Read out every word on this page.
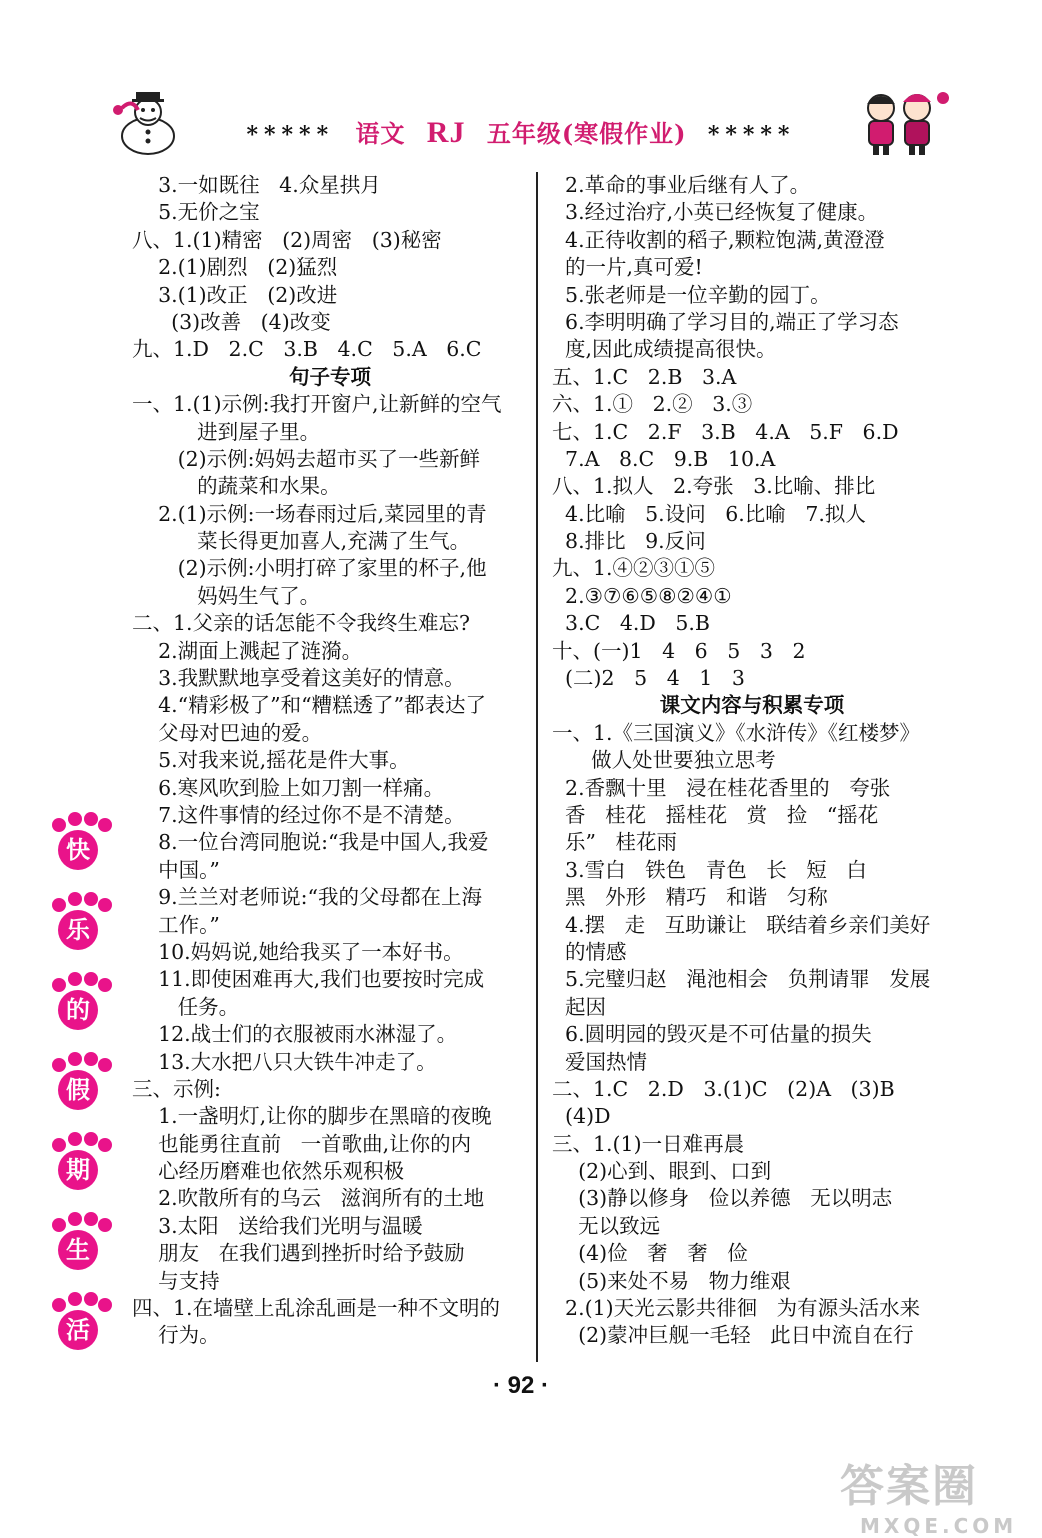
***** 语文 RJ 五年级(寒假作业) *****
3.一如既往   4.众星拱月
5.无价之宝
八、1.(1)精密   (2)周密   (3)秘密
2.(1)剧烈   (2)猛烈
3.(1)改正   (2)改进
(3)改善   (4)改变
九、1.D   2.C   3.B   4.C   5.A   6.C
句子专项
一、1.(1)示例:我打开窗户,让新鲜的空气
进到屋子里。
(2)示例:妈妈去超市买了一些新鲜
的蔬菜和水果。
2.(1)示例:一场春雨过后,菜园里的青
菜长得更加喜人,充满了生气。
(2)示例:小明打碎了家里的杯子,他
妈妈生气了。
二、1.父亲的话怎能不令我终生难忘?
2.湖面上溅起了涟漪。
3.我默默地享受着这美好的情意。
4.“精彩极了”和“糟糕透了”都表达了
父母对巴迪的爱。
5.对我来说,摇花是件大事。
6.寒风吹到脸上如刀割一样痛。
7.这件事情的经过你不是不清楚。
8.一位台湾同胞说:“我是中国人,我爱
中国。”
9.兰兰对老师说:“我的父母都在上海
工作。”
10.妈妈说,她给我买了一本好书。
11.即使困难再大,我们也要按时完成
任务。
12.战士们的衣服被雨水淋湿了。
13.大水把八只大铁牛冲走了。
三、示例:
1.一盏明灯,让你的脚步在黑暗的夜晚
也能勇往直前   一首歌曲,让你的内
心经历磨难也依然乐观积极
2.吹散所有的乌云   滋润所有的土地
3.太阳   送给我们光明与温暖
朋友   在我们遇到挫折时给予鼓励
与支持
四、1.在墙壁上乱涂乱画是一种不文明的
行为。
2.革命的事业后继有人了。
3.经过治疗,小英已经恢复了健康。
4.正待收割的稻子,颗粒饱满,黄澄澄
的一片,真可爱!
5.张老师是一位辛勤的园丁。
6.李明明确了学习目的,端正了学习态
度,因此成绩提高很快。
五、1.C   2.B   3.A
六、1.①   2.②   3.③
七、1.C   2.F   3.B   4.A   5.F   6.D
7.A   8.C   9.B   10.A
八、1.拟人   2.夸张   3.比喻、排比
4.比喻   5.设问   6.比喻   7.拟人
8.排比   9.反问
九、1.④②③①⑤
2.③⑦⑥⑤⑧②④①
3.C   4.D   5.B
十、(一)1   4   6   5   3   2
(二)2   5   4   1   3
课文内容与积累专项
一、1.《三国演义》《水浒传》《红楼梦》
做人处世要独立思考
2.香飘十里   浸在桂花香里的   夸张
香   桂花   摇桂花   赏   捡   “摇花
乐”   桂花雨
3.雪白   铁色   青色   长   短   白
黑   外形   精巧   和谐   匀称
4.摆   走   互助谦让   联结着乡亲们美好
的情感
5.完璧归赵   渑池相会   负荆请罪   发展
起因
6.圆明园的毁灭是不可估量的损失
爱国热情
二、1.C   2.D   3.(1)C   (2)A   (3)B
(4)D
三、1.(1)一日难再晨
(2)心到、眼到、口到
(3)静以修身   俭以养德   无以明志
无以致远
(4)俭   奢   奢   俭
(5)来处不易   物力维艰
2.(1)天光云影共徘徊   为有源头活水来
(2)蒙冲巨舰一毛轻   此日中流自在行
快
乐
的
假
期
生
活
· 92 ·
答案圈
MXQE.COM
